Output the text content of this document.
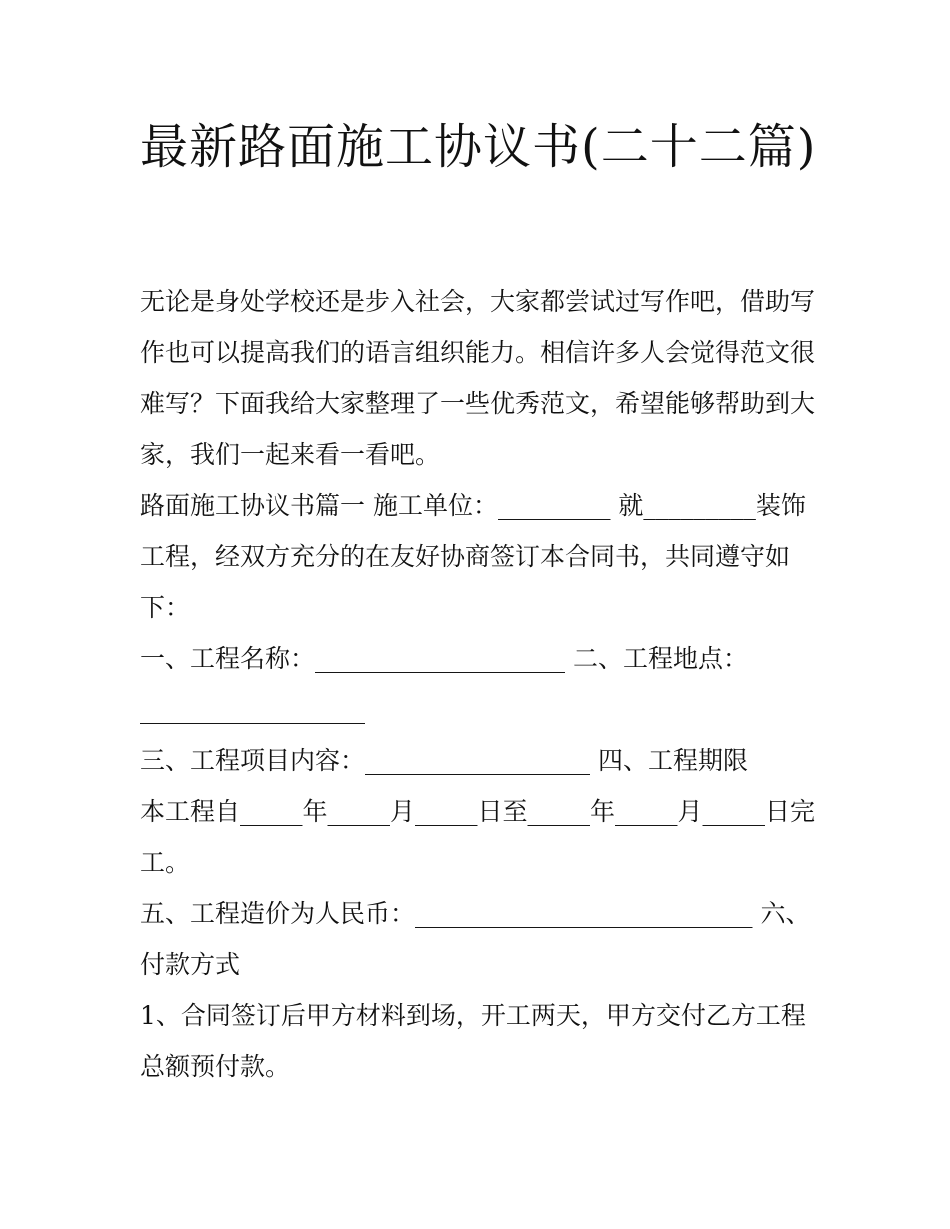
最新路面施工协议书(二十二篇)

无论是身处学校还是步入社会，大家都尝试过写作吧，借助写作也可以提高我们的语言组织能力。相信许多人会觉得范文很难写？下面我给大家整理了一些优秀范文，希望能够帮助到大家，我们一起来看一看吧。

路面施工协议书篇一 施工单位：_________ 就_________装饰工程，经双方充分的在友好协商签订本合同书，共同遵守如下：

一、工程名称：____________________ 二、工程地点：__________________

三、工程项目内容：__________________ 四、工程期限

本工程自_____年_____月_____日至_____年_____月_____日完工。

五、工程造价为人民币：___________________________ 六、付款方式

1、合同签订后甲方材料到场，开工两天，甲方交付乙方工程总额预付款。
